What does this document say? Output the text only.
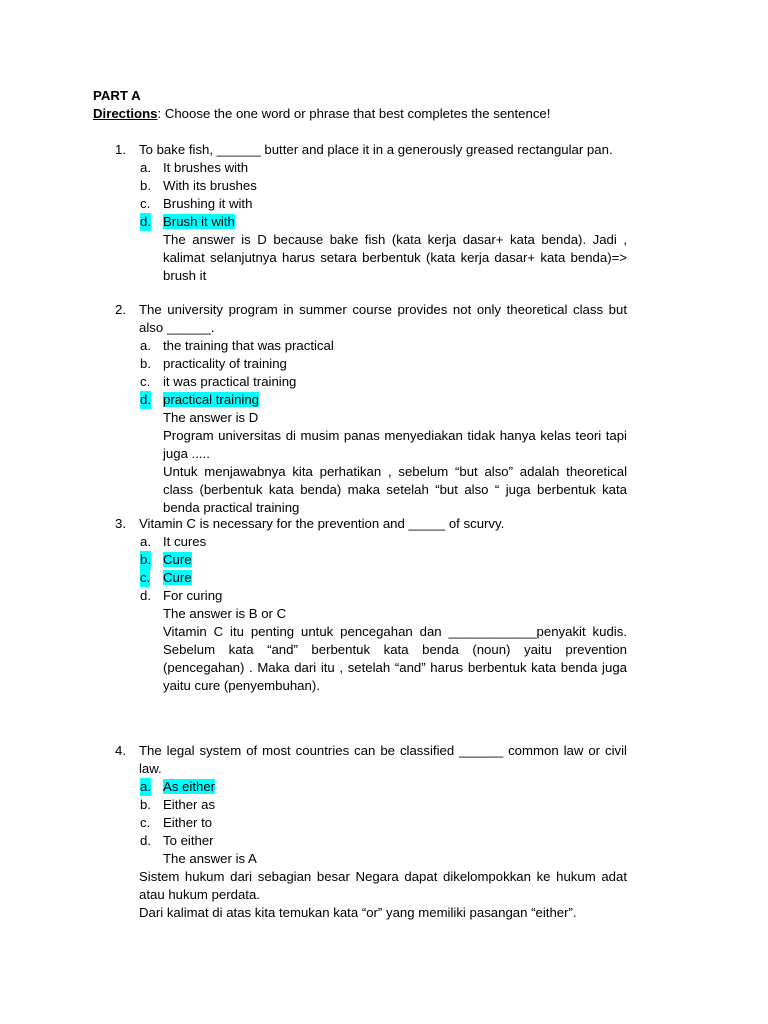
PART A
Directions: Choose the one word or phrase that best completes the sentence!
1. To bake fish, ______ butter and place it in a generously greased rectangular pan.
a. It brushes with
b. With its brushes
c. Brushing it with
d. Brush it with

The answer is D because bake fish (kata kerja dasar+ kata benda). Jadi , kalimat selanjutnya harus setara berbentuk (kata kerja dasar+ kata benda)=> brush it

2. The university program in summer course provides not only theoretical class but also ______.
a. the training that was practical
b. practicality of training
c. it was practical training
d. practical training

The answer is D

Program universitas di musim panas menyediakan tidak hanya kelas teori tapi juga .....

Untuk menjawabnya kita perhatikan , sebelum “but also” adalah theoretical class (berbentuk kata benda) maka setelah “but also “ juga berbentuk kata benda practical training

3. Vitamin C is necessary for the prevention and _____ of scurvy.
a. It cures
b. Cure
c. Cure
d. For curing

The answer is B or C

Vitamin C itu penting untuk pencegahan dan ____________penyakit kudis. Sebelum kata “and” berbentuk kata benda (noun) yaitu prevention (pencegahan) . Maka dari itu , setelah “and” harus berbentuk kata benda juga yaitu cure (penyembuhan).

4. The legal system of most countries can be classified ______ common law or civil law.
a. As either
b. Either as
c. Either to
d. To either

The answer is A

Sistem hukum dari sebagian besar Negara dapat dikelompokkan ke hukum adat atau hukum perdata.

Dari kalimat di atas kita temukan kata “or” yang memiliki pasangan “either”.
